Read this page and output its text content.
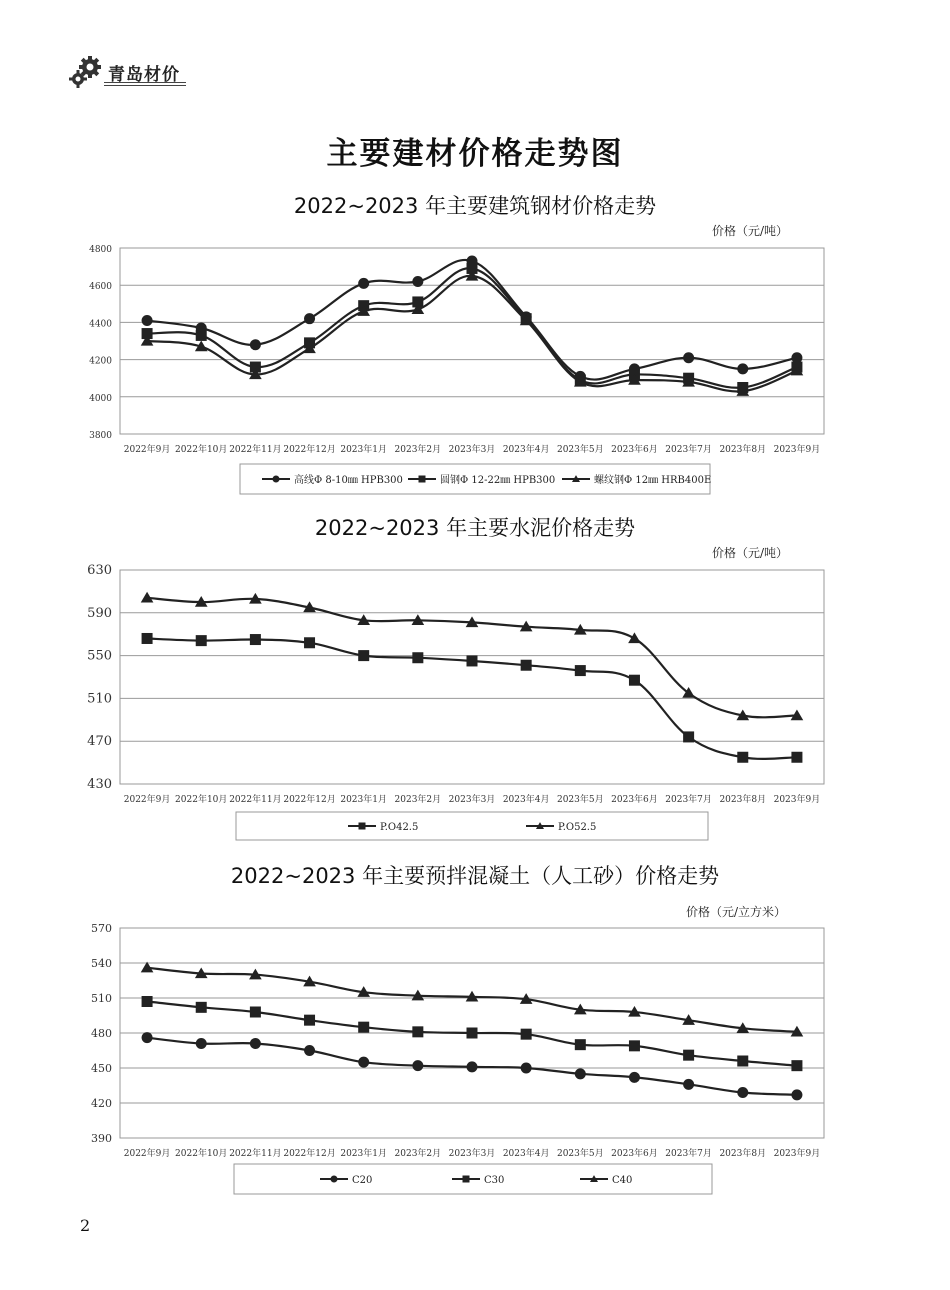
青岛材价
主要建材价格走势图
2022~2023 年主要建筑钢材价格走势
价格（元/吨）
4800
4600
4400
4200
4000
3800
2022年9月 2022年10月 2022年11月 2022年12月 2023年1月 2023年2月 2023年3月 2023年4月 2023年5月 2023年6月 2023年7月 2023年8月 2023年9月
高线Φ 8-10㎜ HPB300	圆钢Φ 12-22㎜ HPB300	螺纹钢Φ 12㎜ HRB400E
2022~2023 年主要水泥价格走势
价格（元/吨）
630
590
550
510
470
430
2022年9月 2022年10月 2022年11月 2022年12月 2023年1月 2023年2月 2023年3月 2023年4月 2023年5月 2023年6月 2023年7月 2023年8月 2023年9月
P.O42.5	P.O52.5
2022~2023 年主要预拌混凝土（人工砂）价格走势
价格（元/立方米）
570
540
510
480
450
420
390
2022年9月 2022年10月 2022年11月 2022年12月 2023年1月 2023年2月 2023年3月 2023年4月 2023年5月 2023年6月 2023年7月 2023年8月 2023年9月
C20	C30	C40
2
